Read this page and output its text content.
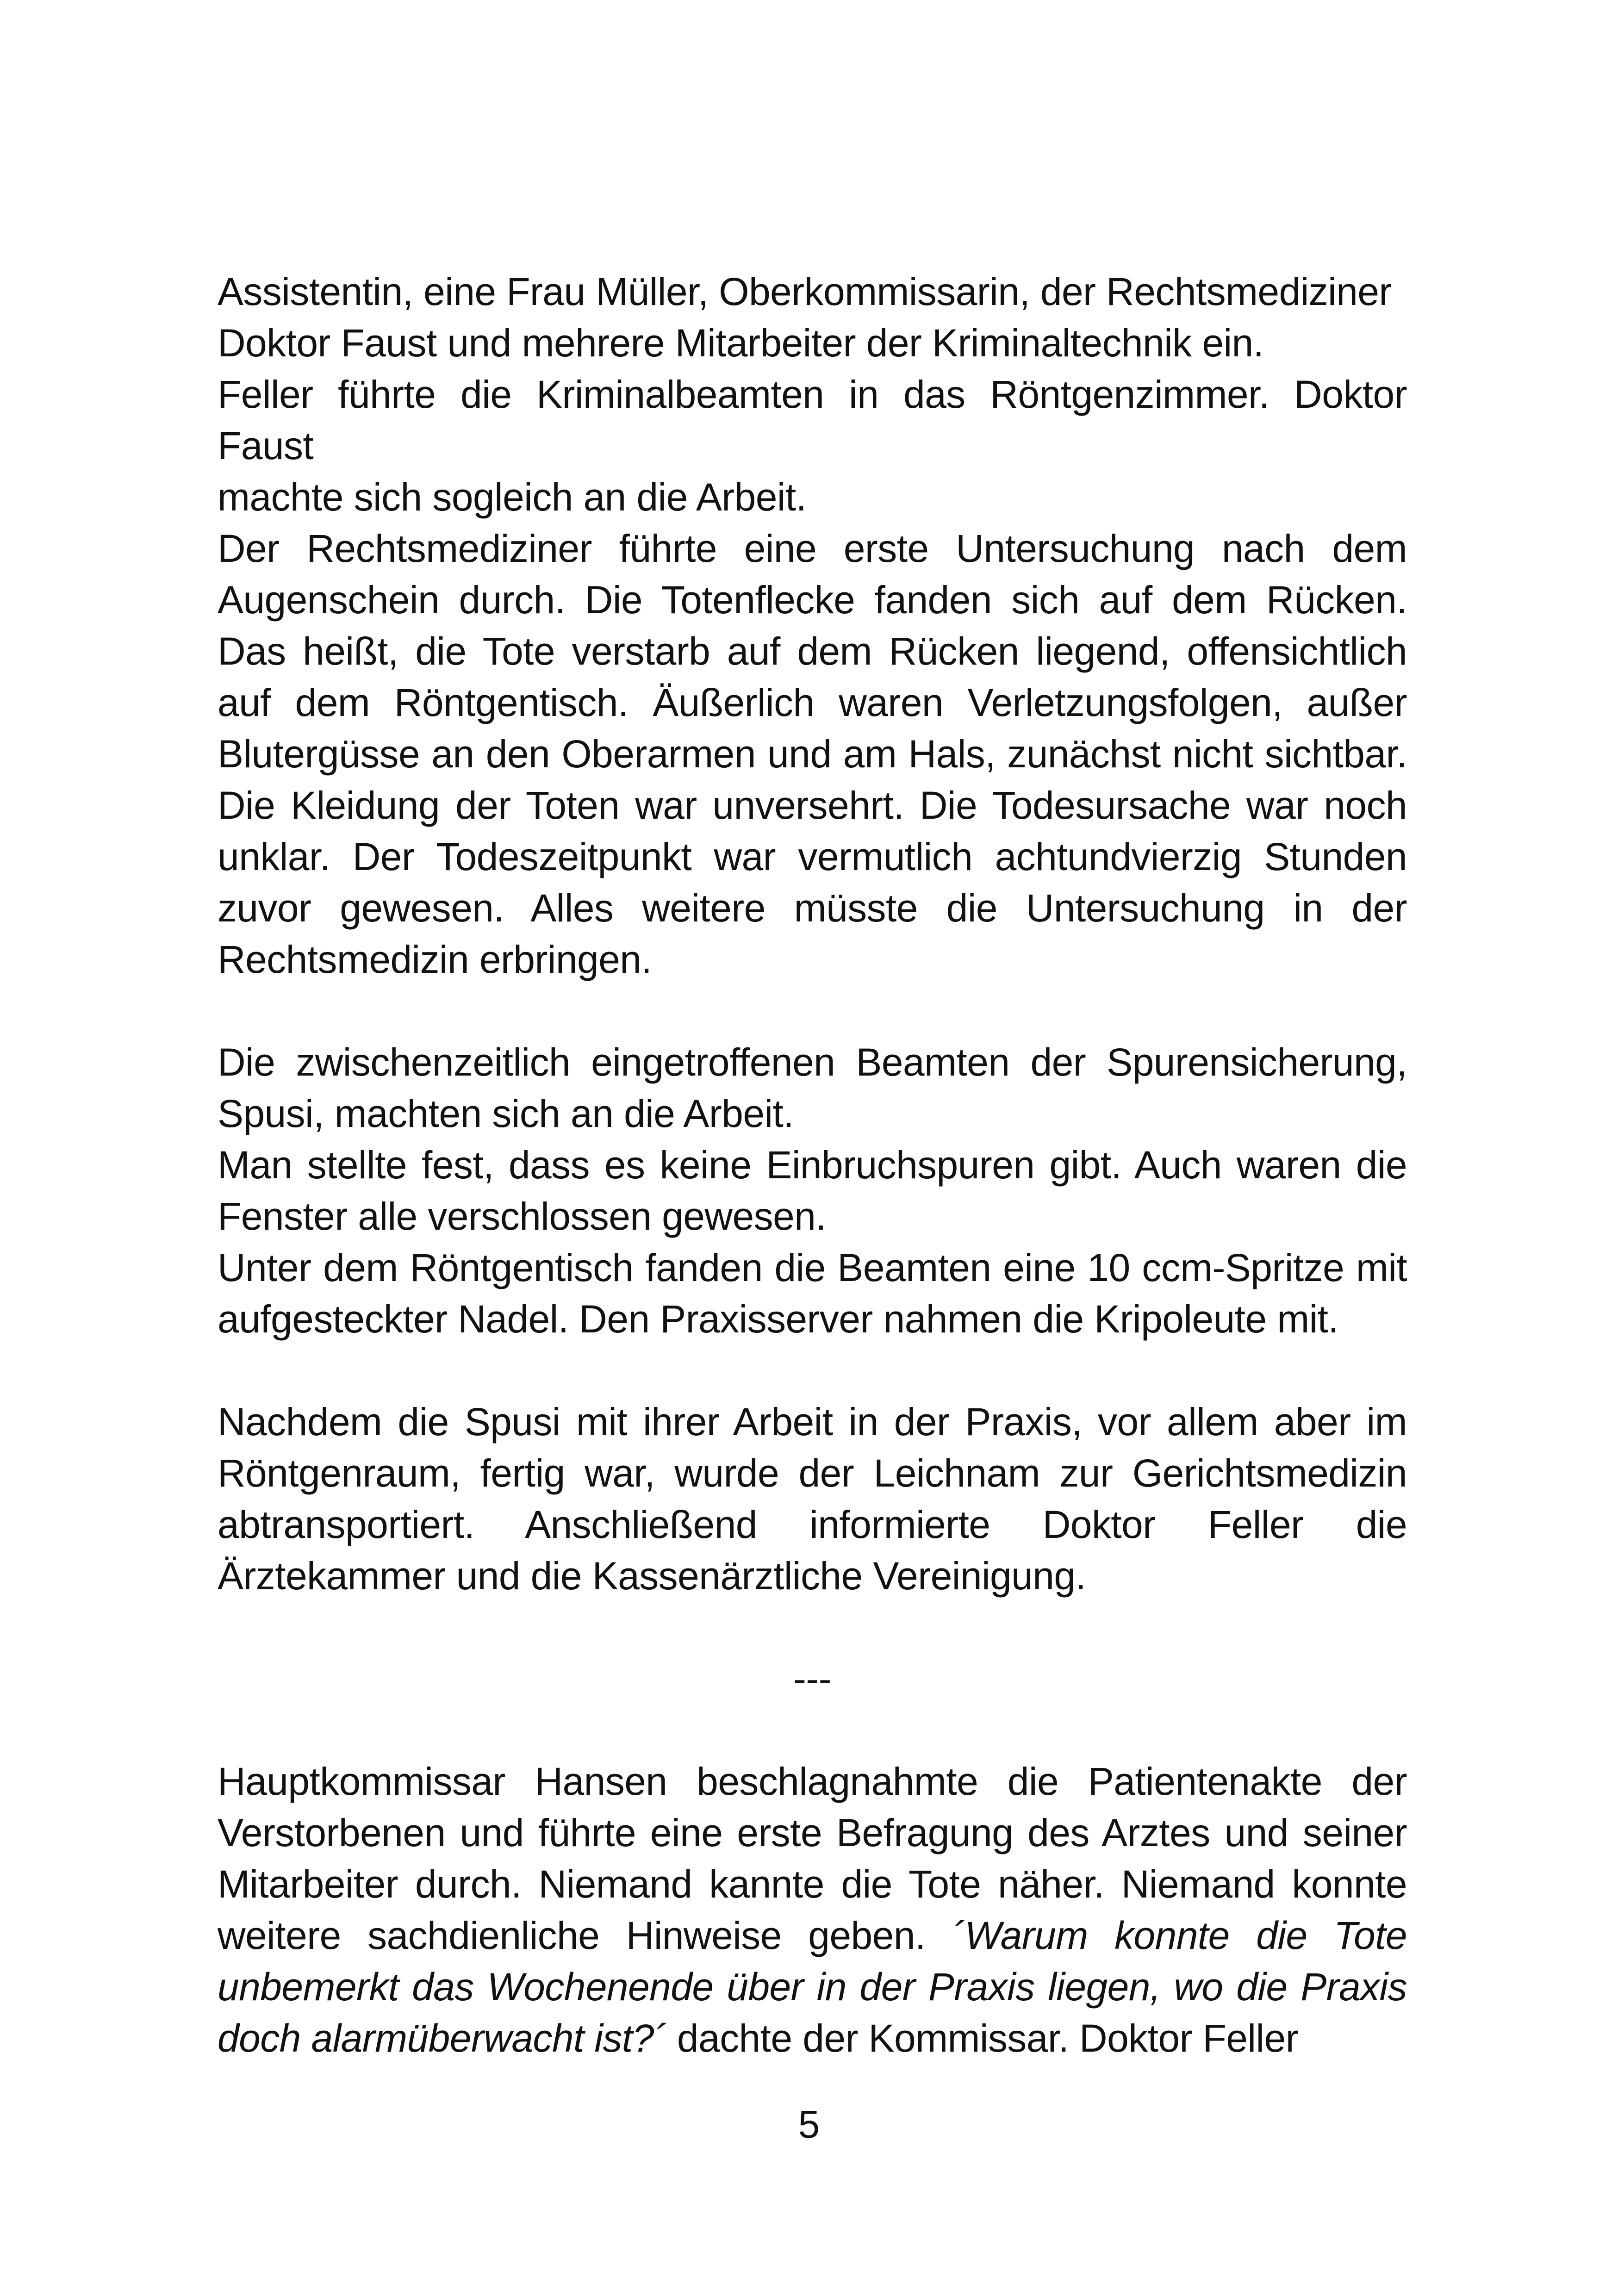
Assistentin, eine Frau Müller, Oberkommissarin, der Rechtsmediziner
Doktor Faust und mehrere Mitarbeiter der Kriminaltechnik ein.

Feller führte die Kriminalbeamten in das Röntgenzimmer. Doktor Faust
machte sich sogleich an die Arbeit.

Der Rechtsmediziner führte eine erste Untersuchung nach dem Augenschein durch. Die Totenflecke fanden sich auf dem Rücken. Das heißt, die Tote verstarb auf dem Rücken liegend, offensichtlich auf dem Röntgentisch. Äußerlich waren Verletzungsfolgen, außer Blutergüsse an den Oberarmen und am Hals, zunächst nicht sichtbar. Die Kleidung der Toten war unversehrt. Die Todesursache war noch unklar. Der Todeszeitpunkt war vermutlich achtundvierzig Stunden zuvor gewesen. Alles weitere müsste die Untersuchung in der Rechtsmedizin erbringen.

Die zwischenzeitlich eingetroffenen Beamten der Spurensicherung, Spusi, machten sich an die Arbeit.

Man stellte fest, dass es keine Einbruchspuren gibt. Auch waren die Fenster alle verschlossen gewesen.

Unter dem Röntgentisch fanden die Beamten eine 10 ccm-Spritze mit aufgesteckter Nadel. Den Praxisserver nahmen die Kripoleute mit.

Nachdem die Spusi mit ihrer Arbeit in der Praxis, vor allem aber im Röntgenraum, fertig war, wurde der Leichnam zur Gerichtsmedizin abtransportiert. Anschließend informierte Doktor Feller die Ärztekammer und die Kassenärztliche Vereinigung.

---

Hauptkommissar Hansen beschlagnahmte die Patientenakte der Verstorbenen und führte eine erste Befragung des Arztes und seiner Mitarbeiter durch. Niemand kannte die Tote näher. Niemand konnte weitere sachdienliche Hinweise geben. ´Warum konnte die Tote unbemerkt das Wochenende über in der Praxis liegen, wo die Praxis doch alarmüberwacht ist?´ dachte der Kommissar. Doktor Feller

5
